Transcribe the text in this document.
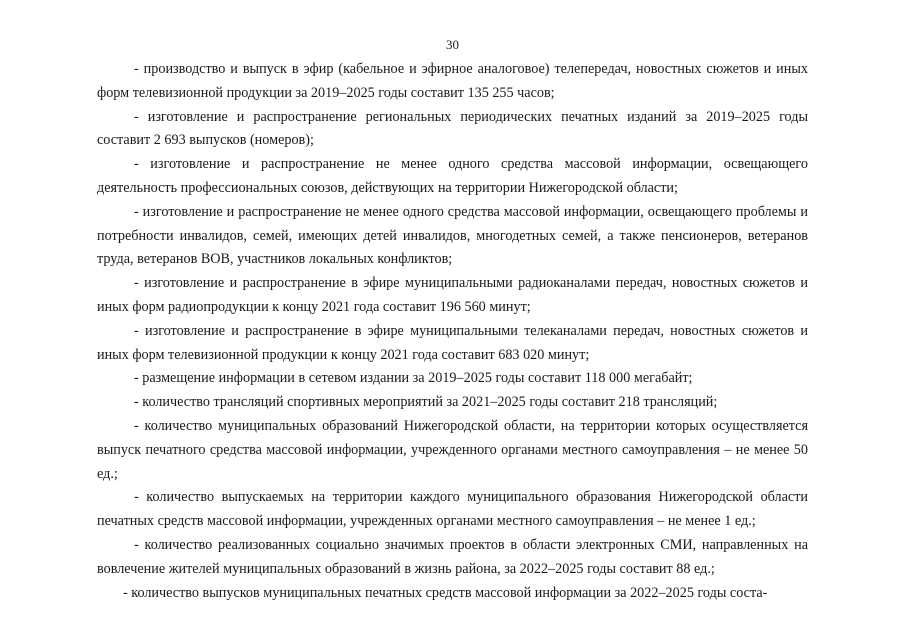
30

- производство и выпуск в эфир (кабельное и эфирное аналоговое) телепередач, новостных сюжетов и иных форм телевизионной продукции за 2019–2025 годы составит 135 255 часов;

- изготовление и распространение региональных периодических печатных изданий за 2019–2025 годы составит 2 693 выпусков (номеров);

- изготовление и распространение не менее одного средства массовой информации, освещающего деятельность профессиональных союзов, действующих на территории Нижегородской области;

- изготовление и распространение не менее одного средства массовой информации, освещающего проблемы и потребности инвалидов, семей, имеющих детей инвалидов, многодетных семей, а также пенсионеров, ветеранов труда, ветеранов ВОВ, участников локальных конфликтов;

- изготовление и распространение в эфире муниципальными радиоканалами передач, новостных сюжетов и иных форм радиопродукции к концу 2021 года составит 196 560 минут;

- изготовление и распространение в эфире муниципальными телеканалами передач, новостных сюжетов и иных форм телевизионной продукции к концу 2021 года составит 683 020 минут;

- размещение информации в сетевом издании за 2019–2025 годы составит 118 000 мегабайт;

- количество трансляций спортивных мероприятий за 2021–2025 годы составит 218 трансляций;

- количество муниципальных образований Нижегородской области, на территории которых осуществляется выпуск печатного средства массовой информации, учрежденного органами местного самоуправления – не менее 50 ед.;

- количество выпускаемых на территории каждого муниципального образования Нижегородской области печатных средств массовой информации, учрежденных органами местного самоуправления – не менее 1 ед.;

- количество реализованных социально значимых проектов в области электронных СМИ, направленных на вовлечение жителей муниципальных образований в жизнь района, за 2022–2025 годы составит 88 ед.;

- количество выпусков муниципальных печатных средств массовой информации за 2022–2025 годы соста-
